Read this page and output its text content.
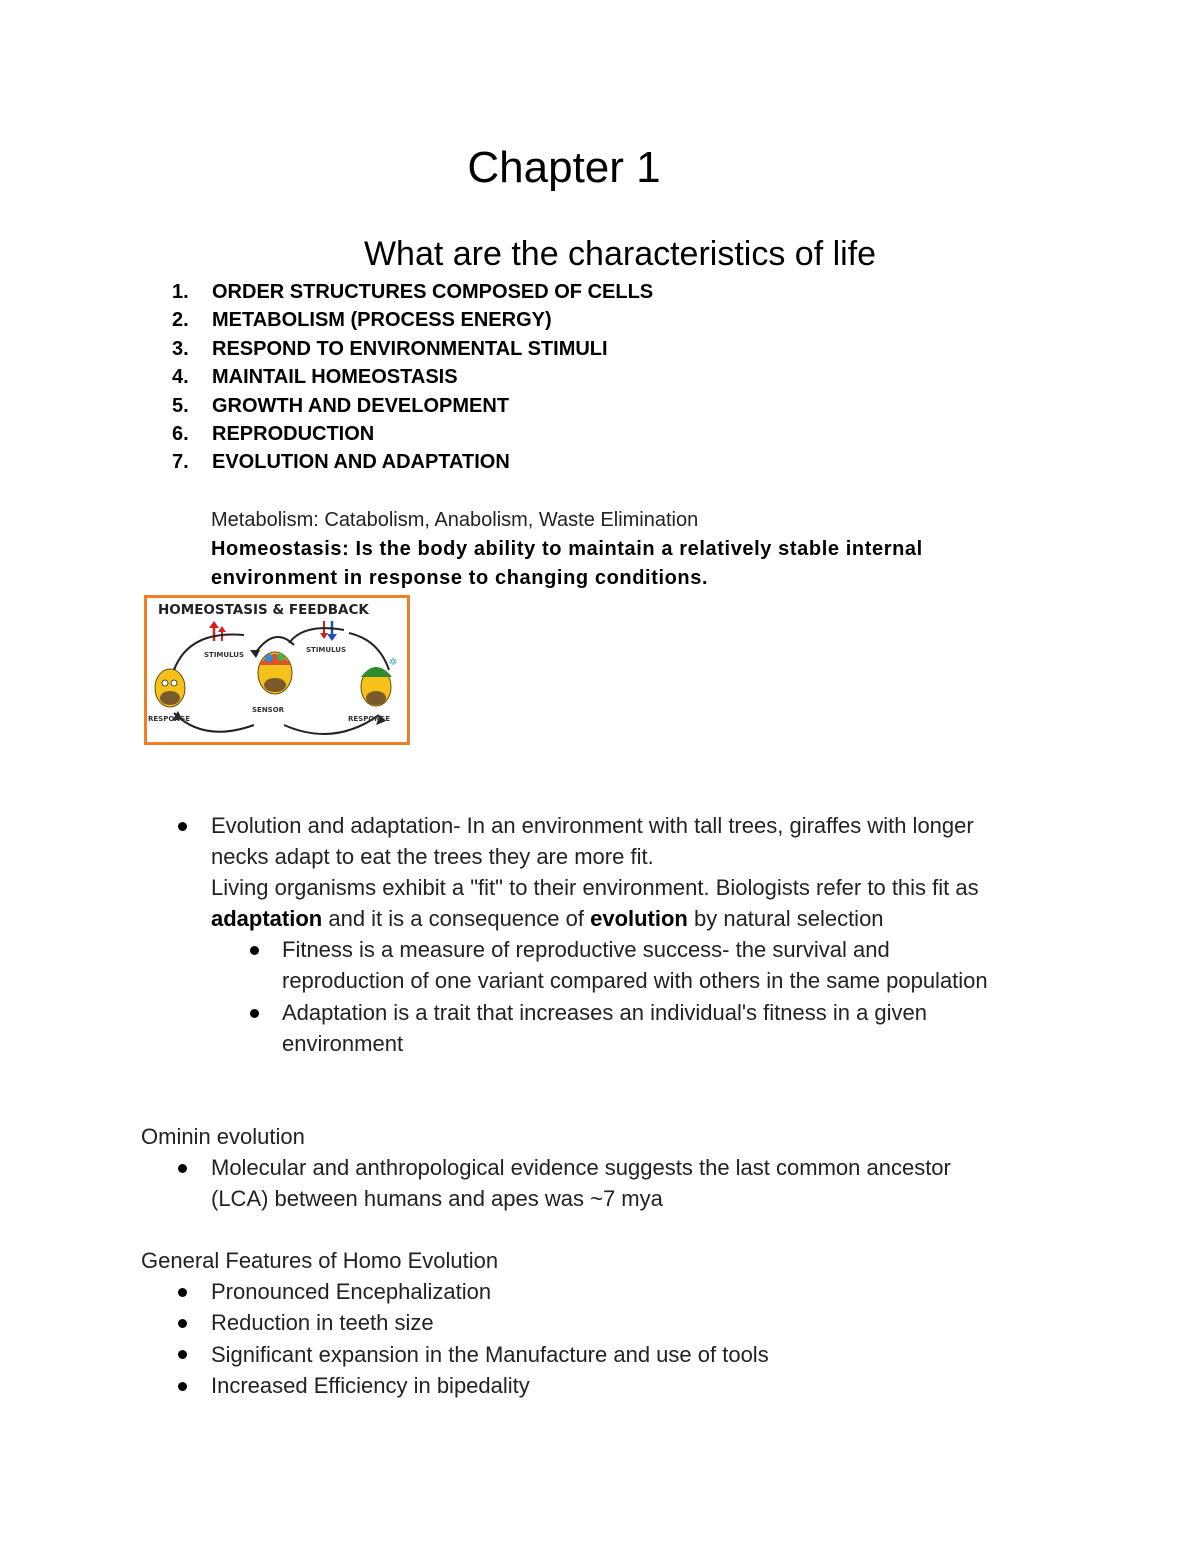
Chapter 1
What are the characteristics of life
1. ORDER STRUCTURES COMPOSED OF CELLS
2. METABOLISM (PROCESS ENERGY)
3. RESPOND TO ENVIRONMENTAL STIMULI
4. MAINTAIL HOMEOSTASIS
5. GROWTH AND DEVELOPMENT
6. REPRODUCTION
7. EVOLUTION AND ADAPTATION
Metabolism: Catabolism, Anabolism, Waste Elimination
Homeostasis: Is the body ability to maintain a relatively stable internal
environment in response to changing conditions.
HOMEOSTASIS & FEEDBACK
STIMULUS
STIMULUS
RESPONSE
SENSOR
RESPONSE
✲
Evolution and adaptation- In an environment with tall trees, giraffes with longer
necks adapt to eat the trees they are more fit.
Living organisms exhibit a "fit" to their environment. Biologists refer to this fit as
adaptation and it is a consequence of evolution by natural selection
Fitness is a measure of reproductive success- the survival and
reproduction of one variant compared with others in the same population
Adaptation is a trait that increases an individual's fitness in a given
environment
Ominin evolution
Molecular and anthropological evidence suggests the last common ancestor
(LCA) between humans and apes was ~7 mya
General Features of Homo Evolution
Pronounced Encephalization
Reduction in teeth size
Significant expansion in the Manufacture and use of tools
Increased Efficiency in bipedality
